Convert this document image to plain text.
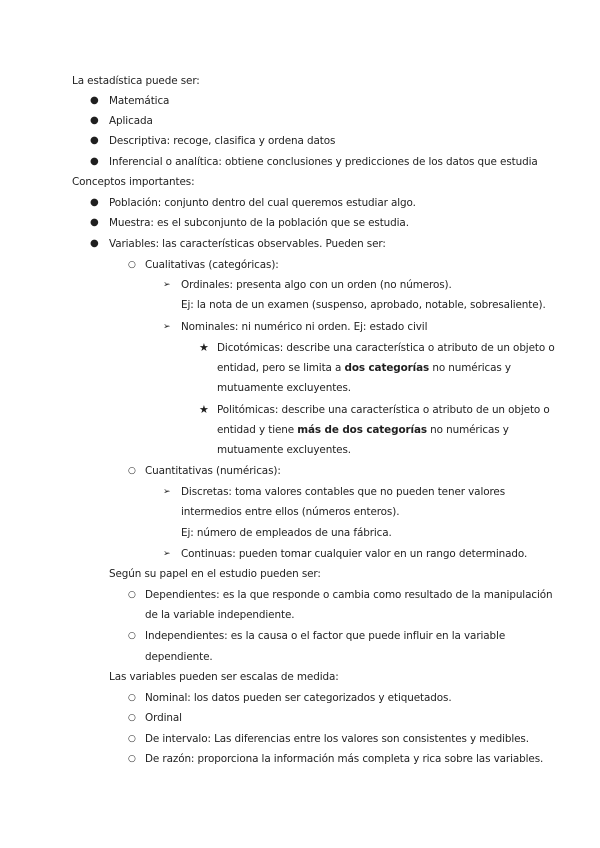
La estadística puede ser:
● Matemática
● Aplicada
● Descriptiva: recoge, clasifica y ordena datos
● Inferencial o analítica: obtiene conclusiones y predicciones de los datos que estudia
Conceptos importantes:
● Población: conjunto dentro del cual queremos estudiar algo.
● Muestra: es el subconjunto de la población que se estudia.
● Variables: las características observables. Pueden ser:
○ Cualitativas (categóricas):
➢ Ordinales: presenta algo con un orden (no números).
Ej: la nota de un examen (suspenso, aprobado, notable, sobresaliente).
➢ Nominales: ni numérico ni orden. Ej: estado civil
★ Dicotómicas: describe una característica o atributo de un objeto o
entidad, pero se limita a dos categorías no numéricas y
mutuamente excluyentes.
★ Politómicas: describe una característica o atributo de un objeto o
entidad y tiene más de dos categorías no numéricas y
mutuamente excluyentes.
○ Cuantitativas (numéricas):
➢ Discretas: toma valores contables que no pueden tener valores
intermedios entre ellos (números enteros).
Ej: número de empleados de una fábrica.
➢ Continuas: pueden tomar cualquier valor en un rango determinado.
Según su papel en el estudio pueden ser:
○ Dependientes: es la que responde o cambia como resultado de la manipulación
de la variable independiente.
○ Independientes: es la causa o el factor que puede influir en la variable
dependiente.
Las variables pueden ser escalas de medida:
○ Nominal: los datos pueden ser categorizados y etiquetados.
○ Ordinal
○ De intervalo: Las diferencias entre los valores son consistentes y medibles.
○ De razón: proporciona la información más completa y rica sobre las variables.
